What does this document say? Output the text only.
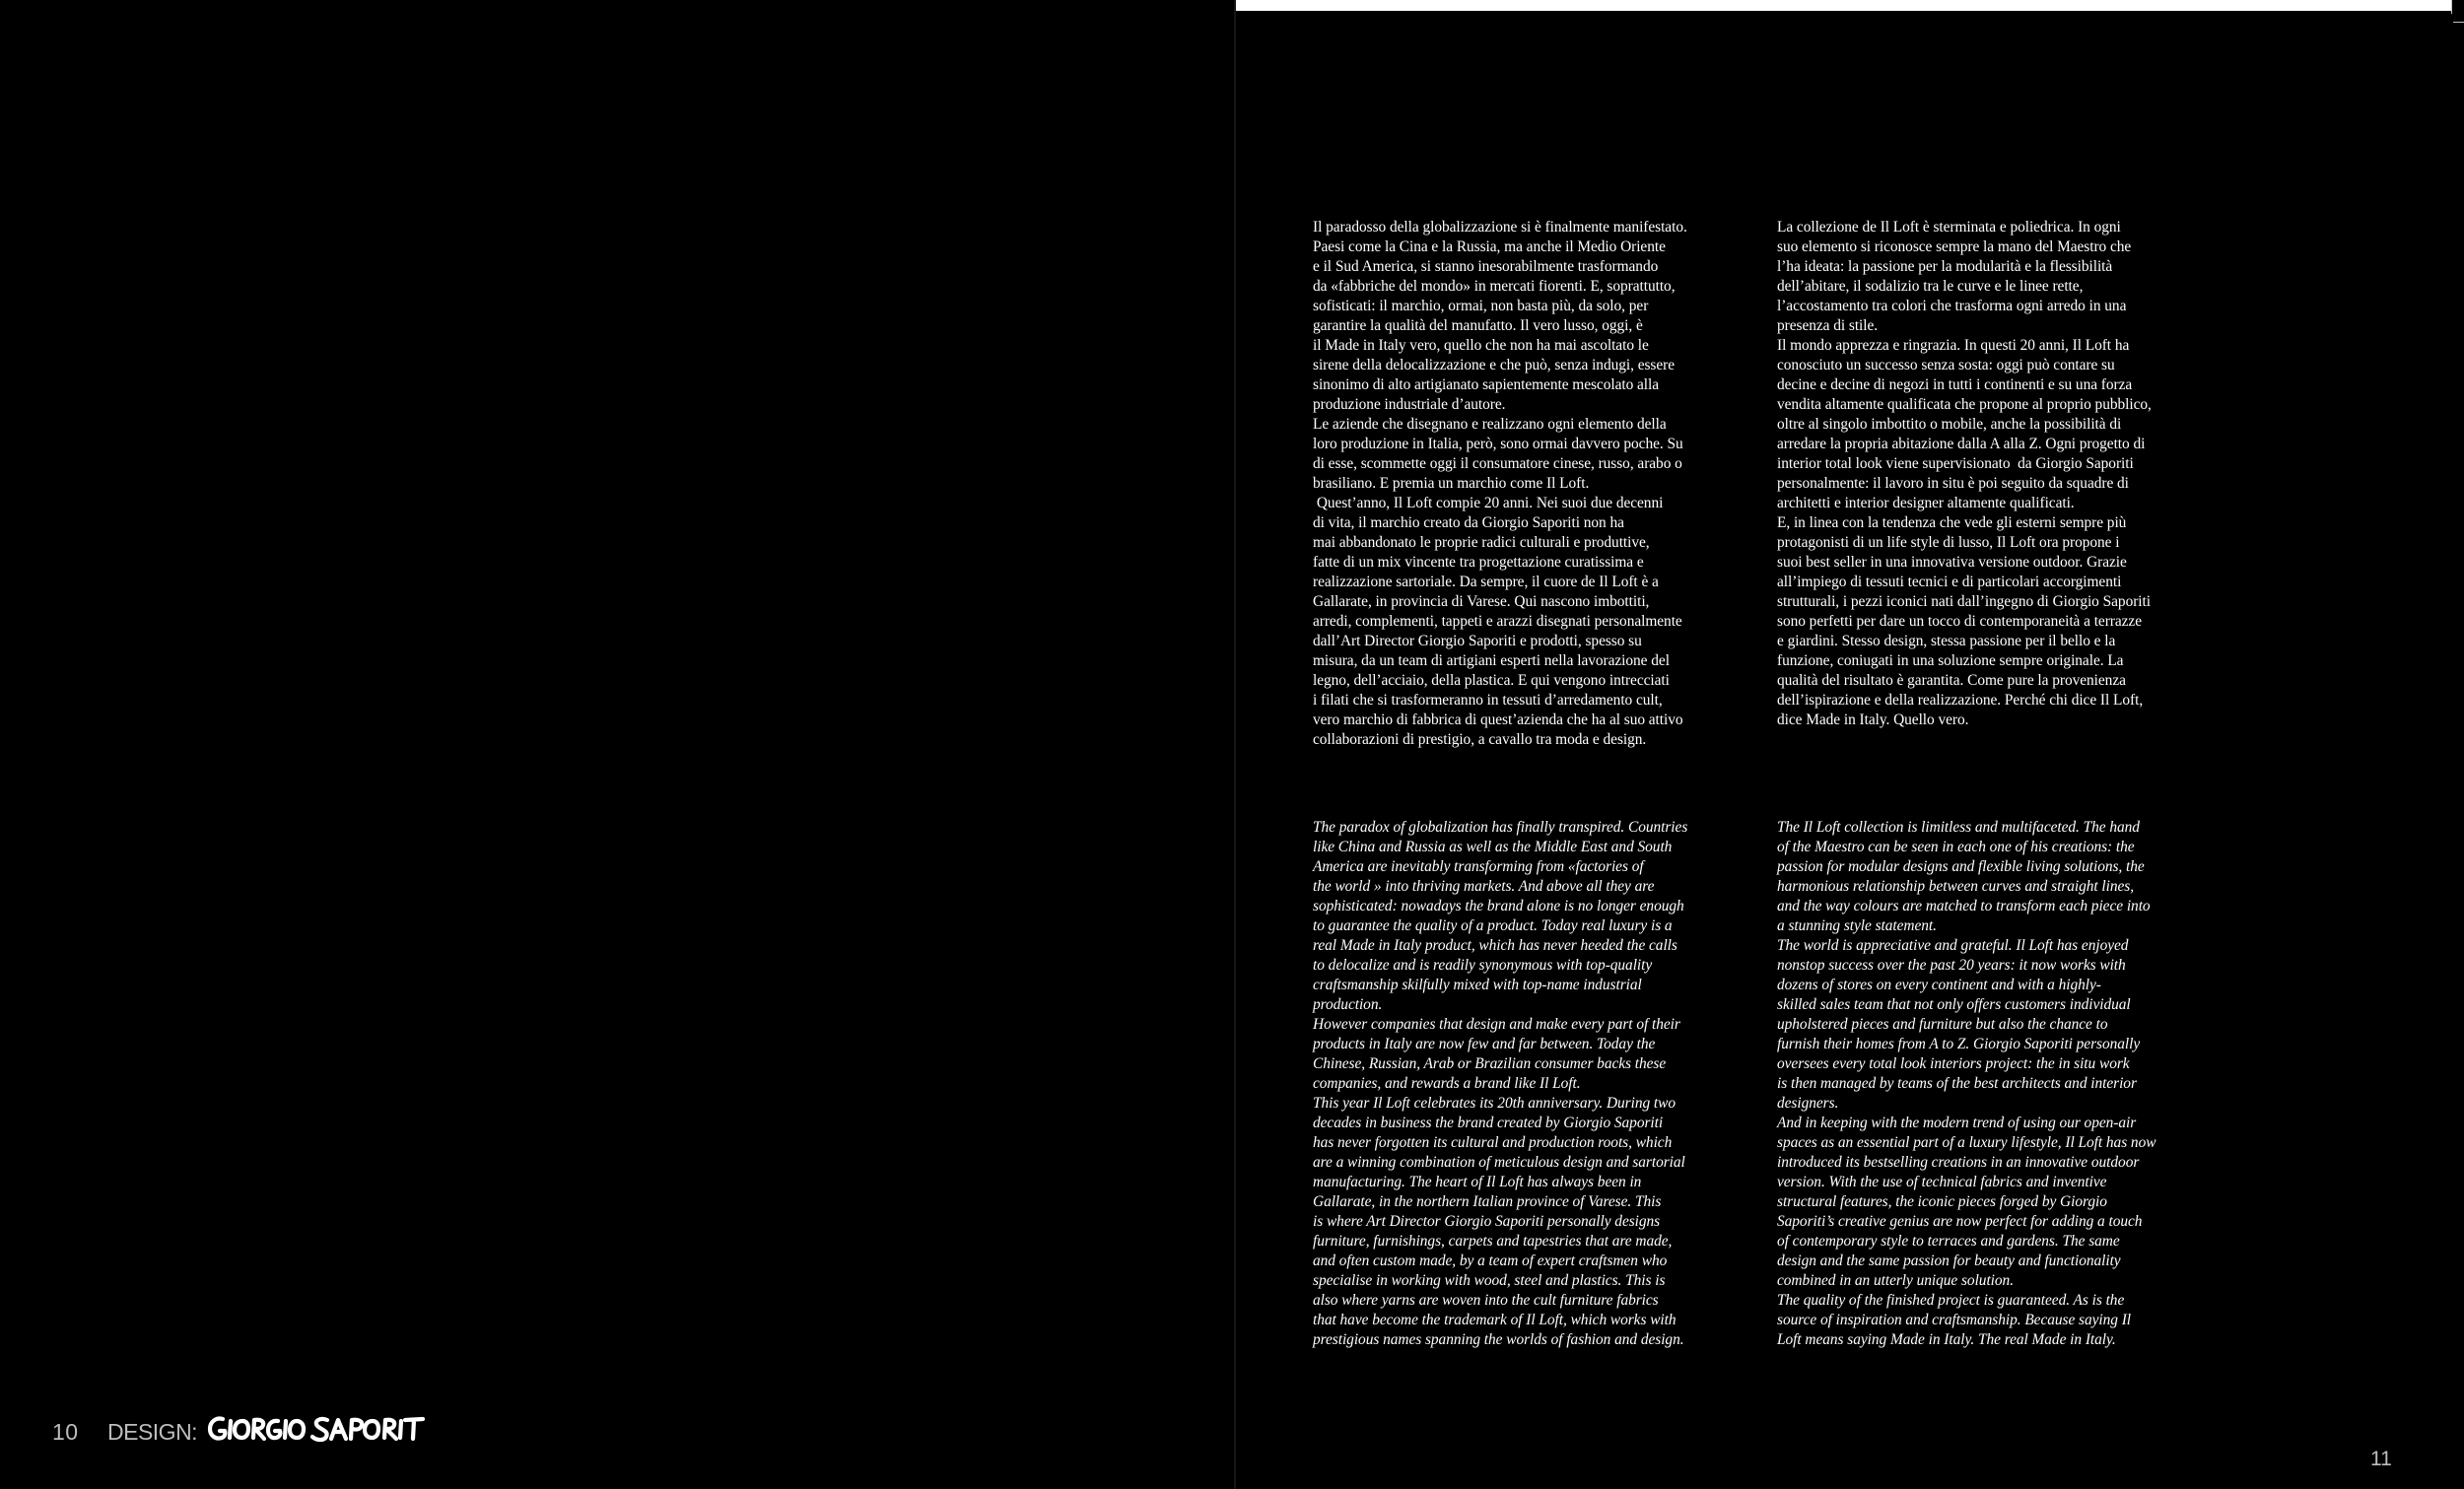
Il paradosso della globalizzazione si è finalmente manifestato.
Paesi come la Cina e la Russia, ma anche il Medio Oriente
e il Sud America, si stanno inesorabilmente trasformando
da «fabbriche del mondo» in mercati fiorenti. E, soprattutto,
sofisticati: il marchio, ormai, non basta più, da solo, per
garantire la qualità del manufatto. Il vero lusso, oggi, è
il Made in Italy vero, quello che non ha mai ascoltato le
sirene della delocalizzazione e che può, senza indugi, essere
sinonimo di alto artigianato sapientemente mescolato alla
produzione industriale d’autore.
Le aziende che disegnano e realizzano ogni elemento della
loro produzione in Italia, però, sono ormai davvero poche. Su
di esse, scommette oggi il consumatore cinese, russo, arabo o
brasiliano. E premia un marchio come Il Loft.
Quest’anno, Il Loft compie 20 anni. Nei suoi due decenni
di vita, il marchio creato da Giorgio Saporiti non ha
mai abbandonato le proprie radici culturali e produttive,
fatte di un mix vincente tra progettazione curatissima e
realizzazione sartoriale. Da sempre, il cuore de Il Loft è a
Gallarate, in provincia di Varese. Qui nascono imbottiti,
arredi, complementi, tappeti e arazzi disegnati personalmente
dall’Art Director Giorgio Saporiti e prodotti, spesso su
misura, da un team di artigiani esperti nella lavorazione del
legno, dell’acciaio, della plastica. E qui vengono intrecciati
i filati che si trasformeranno in tessuti d’arredamento cult,
vero marchio di fabbrica di quest’azienda che ha al suo attivo
collaborazioni di prestigio, a cavallo tra moda e design.
La collezione de Il Loft è sterminata e poliedrica. In ogni
suo elemento si riconosce sempre la mano del Maestro che
l’ha ideata: la passione per la modularità e la flessibilità
dell’abitare, il sodalizio tra le curve e le linee rette,
l’accostamento tra colori che trasforma ogni arredo in una
presenza di stile.
Il mondo apprezza e ringrazia. In questi 20 anni, Il Loft ha
conosciuto un successo senza sosta: oggi può contare su
decine e decine di negozi in tutti i continenti e su una forza
vendita altamente qualificata che propone al proprio pubblico,
oltre al singolo imbottito o mobile, anche la possibilità di
arredare la propria abitazione dalla A alla Z. Ogni progetto di
interior total look viene supervisionato  da Giorgio Saporiti
personalmente: il lavoro in situ è poi seguito da squadre di
architetti e interior designer altamente qualificati.
E, in linea con la tendenza che vede gli esterni sempre più
protagonisti di un life style di lusso, Il Loft ora propone i
suoi best seller in una innovativa versione outdoor. Grazie
all’impiego di tessuti tecnici e di particolari accorgimenti
strutturali, i pezzi iconici nati dall’ingegno di Giorgio Saporiti
sono perfetti per dare un tocco di contemporaneità a terrazze
e giardini. Stesso design, stessa passione per il bello e la
funzione, coniugati in una soluzione sempre originale. La
qualità del risultato è garantita. Come pure la provenienza
dell’ispirazione e della realizzazione. Perché chi dice Il Loft,
dice Made in Italy. Quello vero.
The paradox of globalization has finally transpired. Countries
like China and Russia as well as the Middle East and South
America are inevitably transforming from «factories of
the world » into thriving markets. And above all they are
sophisticated: nowadays the brand alone is no longer enough
to guarantee the quality of a product. Today real luxury is a
real Made in Italy product, which has never heeded the calls
to delocalize and is readily synonymous with top-quality
craftsmanship skilfully mixed with top-name industrial
production.
However companies that design and make every part of their
products in Italy are now few and far between. Today the
Chinese, Russian, Arab or Brazilian consumer backs these
companies, and rewards a brand like Il Loft.
This year Il Loft celebrates its 20th anniversary. During two
decades in business the brand created by Giorgio Saporiti
has never forgotten its cultural and production roots, which
are a winning combination of meticulous design and sartorial
manufacturing. The heart of Il Loft has always been in
Gallarate, in the northern Italian province of Varese. This
is where Art Director Giorgio Saporiti personally designs
furniture, furnishings, carpets and tapestries that are made,
and often custom made, by a team of expert craftsmen who
specialise in working with wood, steel and plastics. This is
also where yarns are woven into the cult furniture fabrics
that have become the trademark of Il Loft, which works with
prestigious names spanning the worlds of fashion and design.
The Il Loft collection is limitless and multifaceted. The hand
of the Maestro can be seen in each one of his creations: the
passion for modular designs and flexible living solutions, the
harmonious relationship between curves and straight lines,
and the way colours are matched to transform each piece into
a stunning style statement.
The world is appreciative and grateful. Il Loft has enjoyed
nonstop success over the past 20 years: it now works with
dozens of stores on every continent and with a highly-
skilled sales team that not only offers customers individual
upholstered pieces and furniture but also the chance to
furnish their homes from A to Z. Giorgio Saporiti personally
oversees every total look interiors project: the in situ work
is then managed by teams of the best architects and interior
designers.
And in keeping with the modern trend of using our open-air
spaces as an essential part of a luxury lifestyle, Il Loft has now
introduced its bestselling creations in an innovative outdoor
version. With the use of technical fabrics and inventive
structural features, the iconic pieces forged by Giorgio
Saporiti’s creative genius are now perfect for adding a touch
of contemporary style to terraces and gardens. The same
design and the same passion for beauty and functionality
combined in an utterly unique solution.
The quality of the finished project is guaranteed. As is the
source of inspiration and craftsmanship. Because saying Il
Loft means saying Made in Italy. The real Made in Italy.
10 DESIGN:
11
